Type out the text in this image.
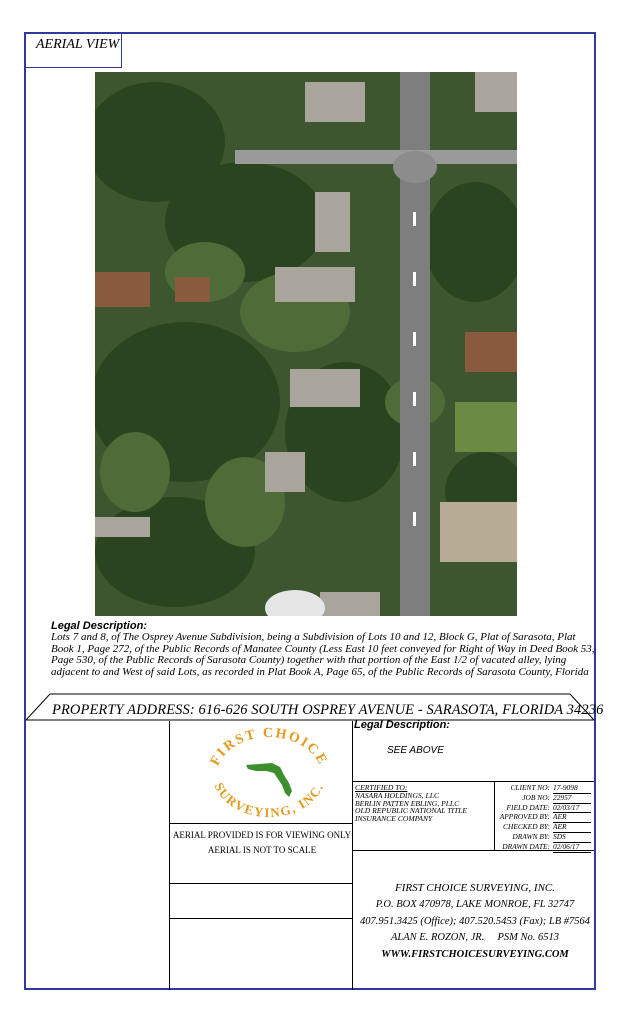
AERIAL VIEW
Legal Description:
Lots 7 and 8, of The Osprey Avenue Subdivision, being a Subdivision of Lots 10 and 12, Block G, Plat of Sarasota, Plat Book 1, Page 272, of the Public Records of Manatee County (Less East 10 feet conveyed for Right of Way in Deed Book 53, Page 530, of the Public Records of Sarasota County) together with that portion of the East 1/2 of vacated alley, lying adjacent to and West of said Lots, as recorded in Plat Book A, Page 65, of the Public Records of Sarasota County, Florida
PROPERTY ADDRESS: 616-626 SOUTH OSPREY AVENUE - SARASOTA, FLORIDA 34236
FIRST CHOICE
SURVEYING, INC.
Legal Description:
SEE ABOVE
CERTIFIED TO:
NASARA HOLDINGS, LLC
BERLIN PATTEN EBLING, PLLC
OLD REPUBLIC NATIONAL TITLE
INSURANCE COMPANY
CLIENT NO: 17-9098
JOB NO: 22957
FIELD DATE: 02/03/17
APPROVED BY: AER
CHECKED BY: AER
DRAWN BY: SDS
DRAWN DATE: 02/06/17
AERIAL PROVIDED IS FOR VIEWING ONLY
AERIAL IS NOT TO SCALE
FIRST CHOICE SURVEYING, INC.
P.O. BOX 470978, LAKE MONROE, FL 32747
407.951.3425 (Office); 407.520.5453 (Fax); LB #7564
ALAN E. ROZON, JR.     PSM No. 6513
WWW.FIRSTCHOICESURVEYING.COM
